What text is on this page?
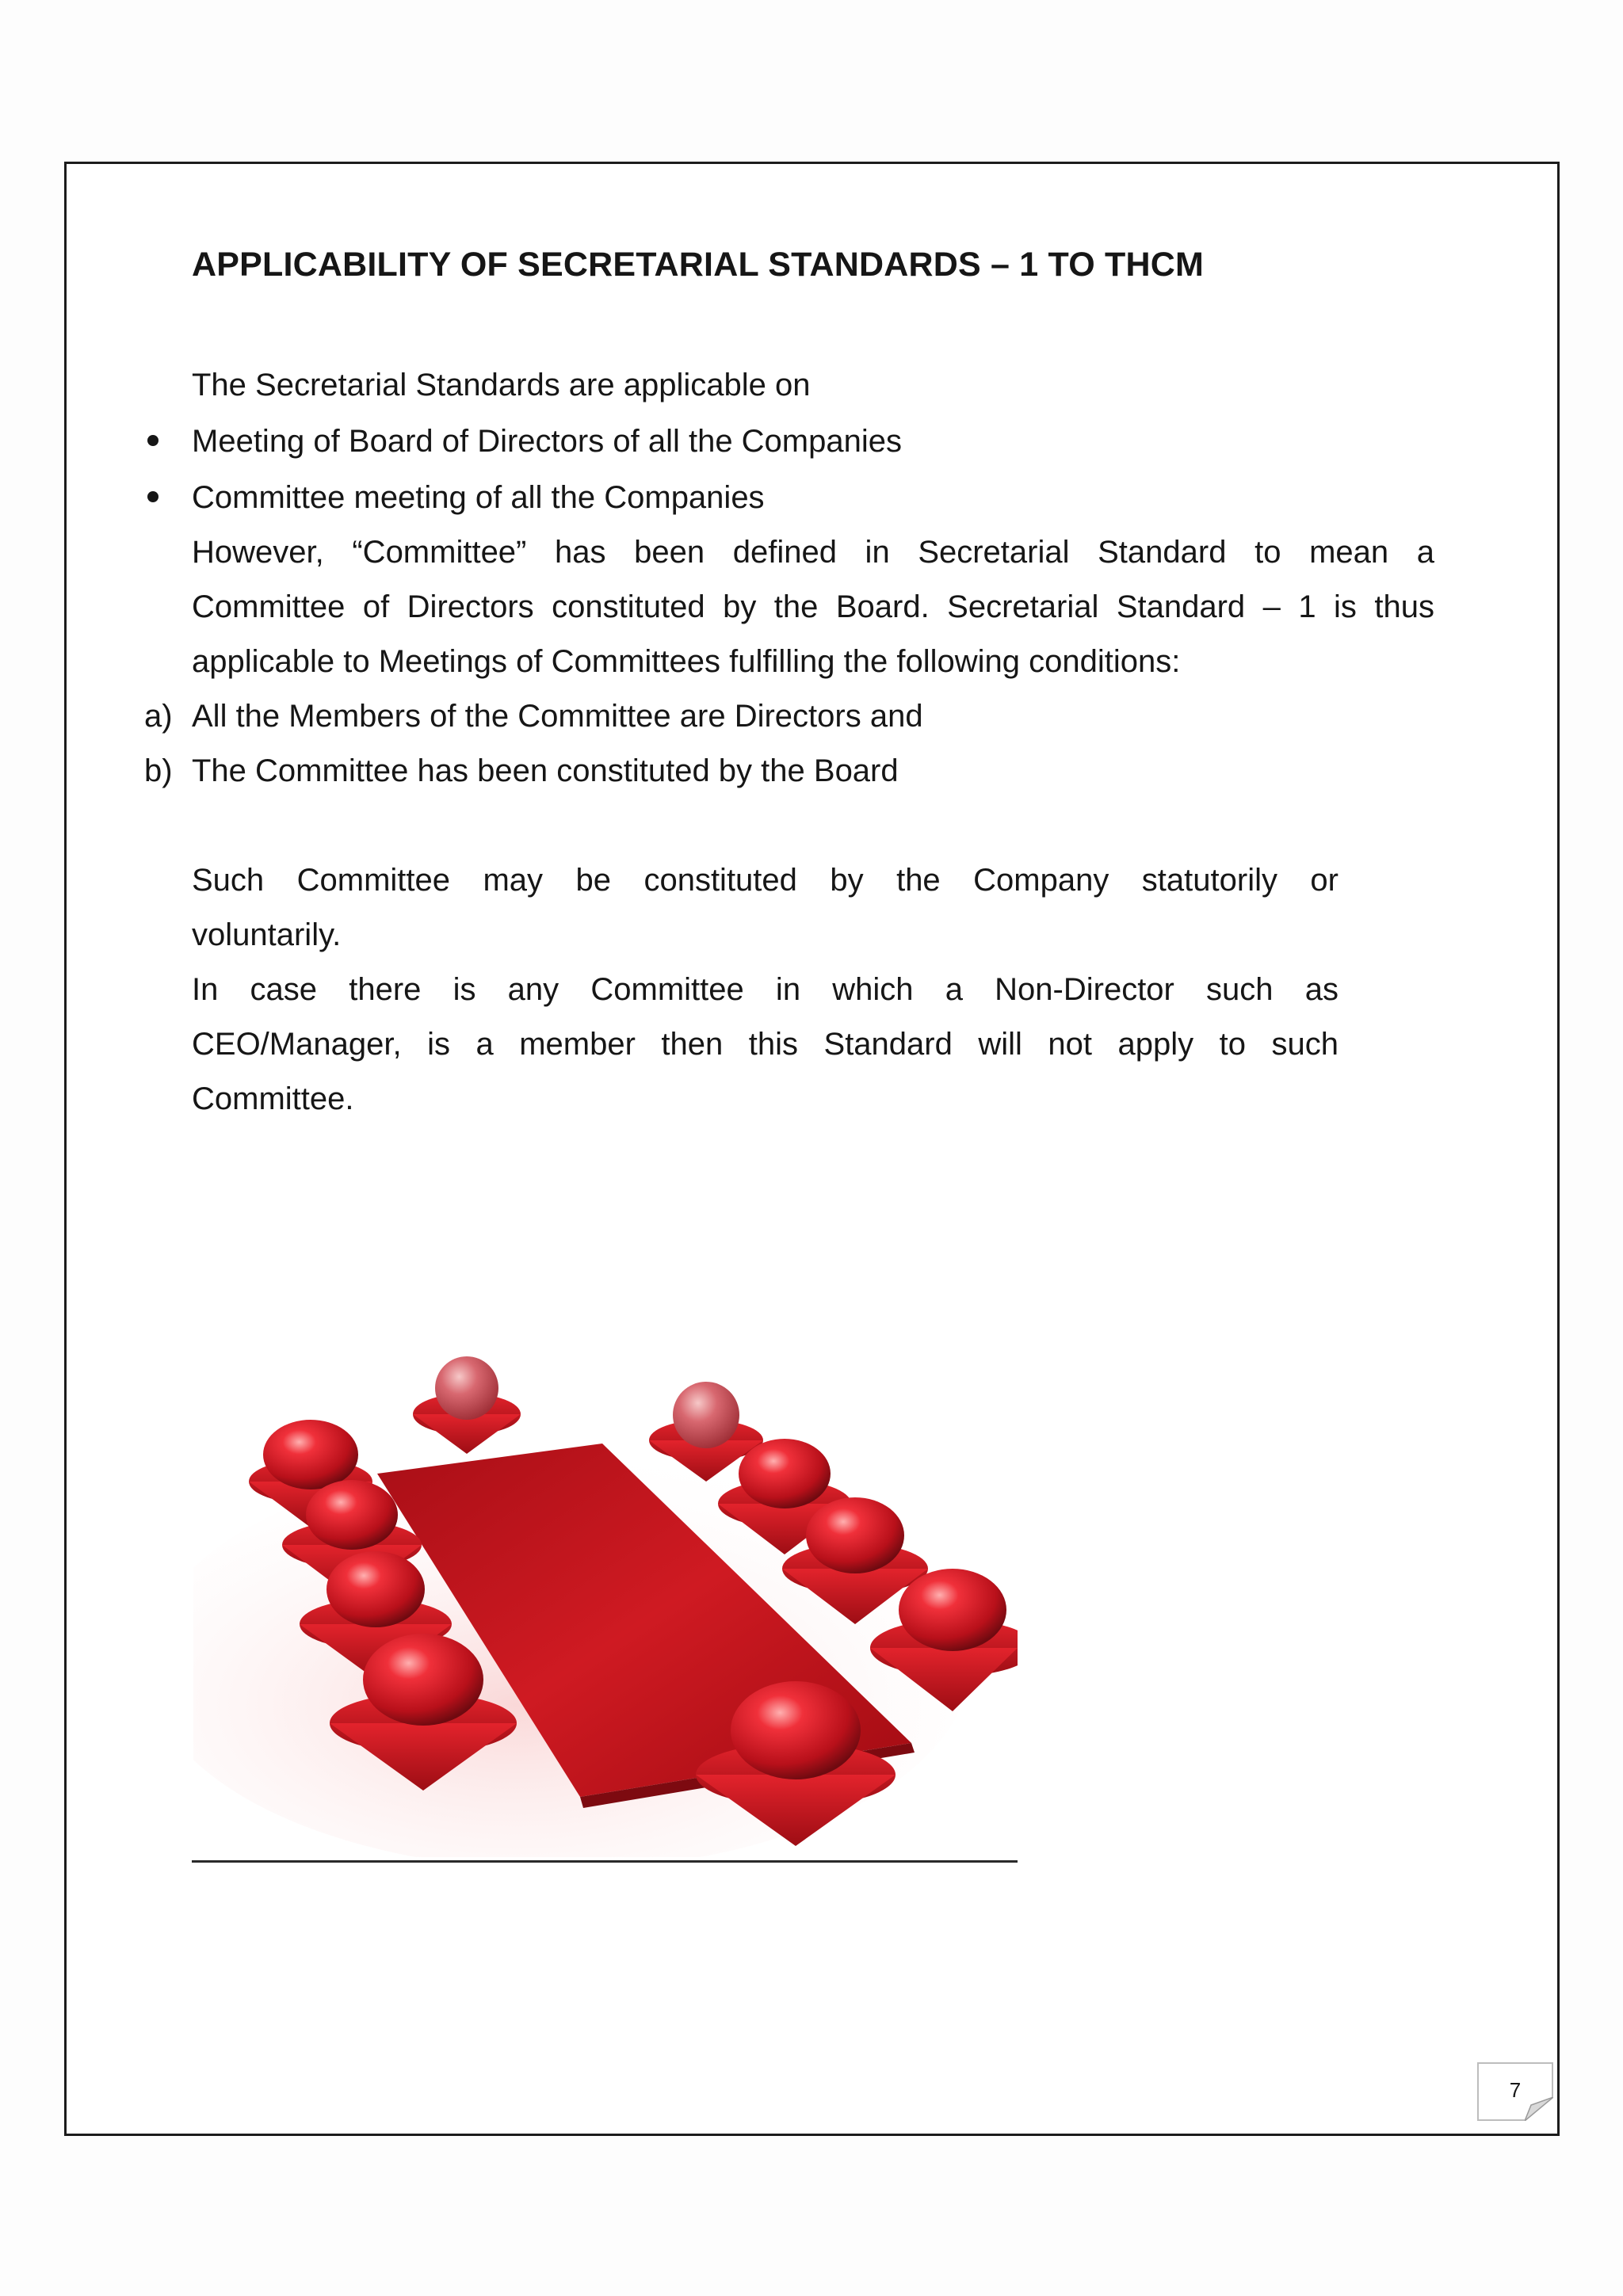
APPLICABILITY OF SECRETARIAL STANDARDS – 1 TO THCM
The Secretarial Standards are applicable on
Meeting of Board of Directors of all the Companies
Committee meeting of all the Companies
However, “Committee” has been defined in Secretarial Standard to mean a
Committee of Directors constituted by the Board. Secretarial Standard – 1 is thus
applicable to Meetings of Committees fulfilling the following conditions:
a) All the Members of the Committee are Directors and
b) The Committee has been constituted by the Board
Such Committee may be constituted by the Company statutorily or
voluntarily.
In case there is any Committee in which a Non-Director such as
CEO/Manager, is a member then this Standard will not apply to such
Committee.
7
